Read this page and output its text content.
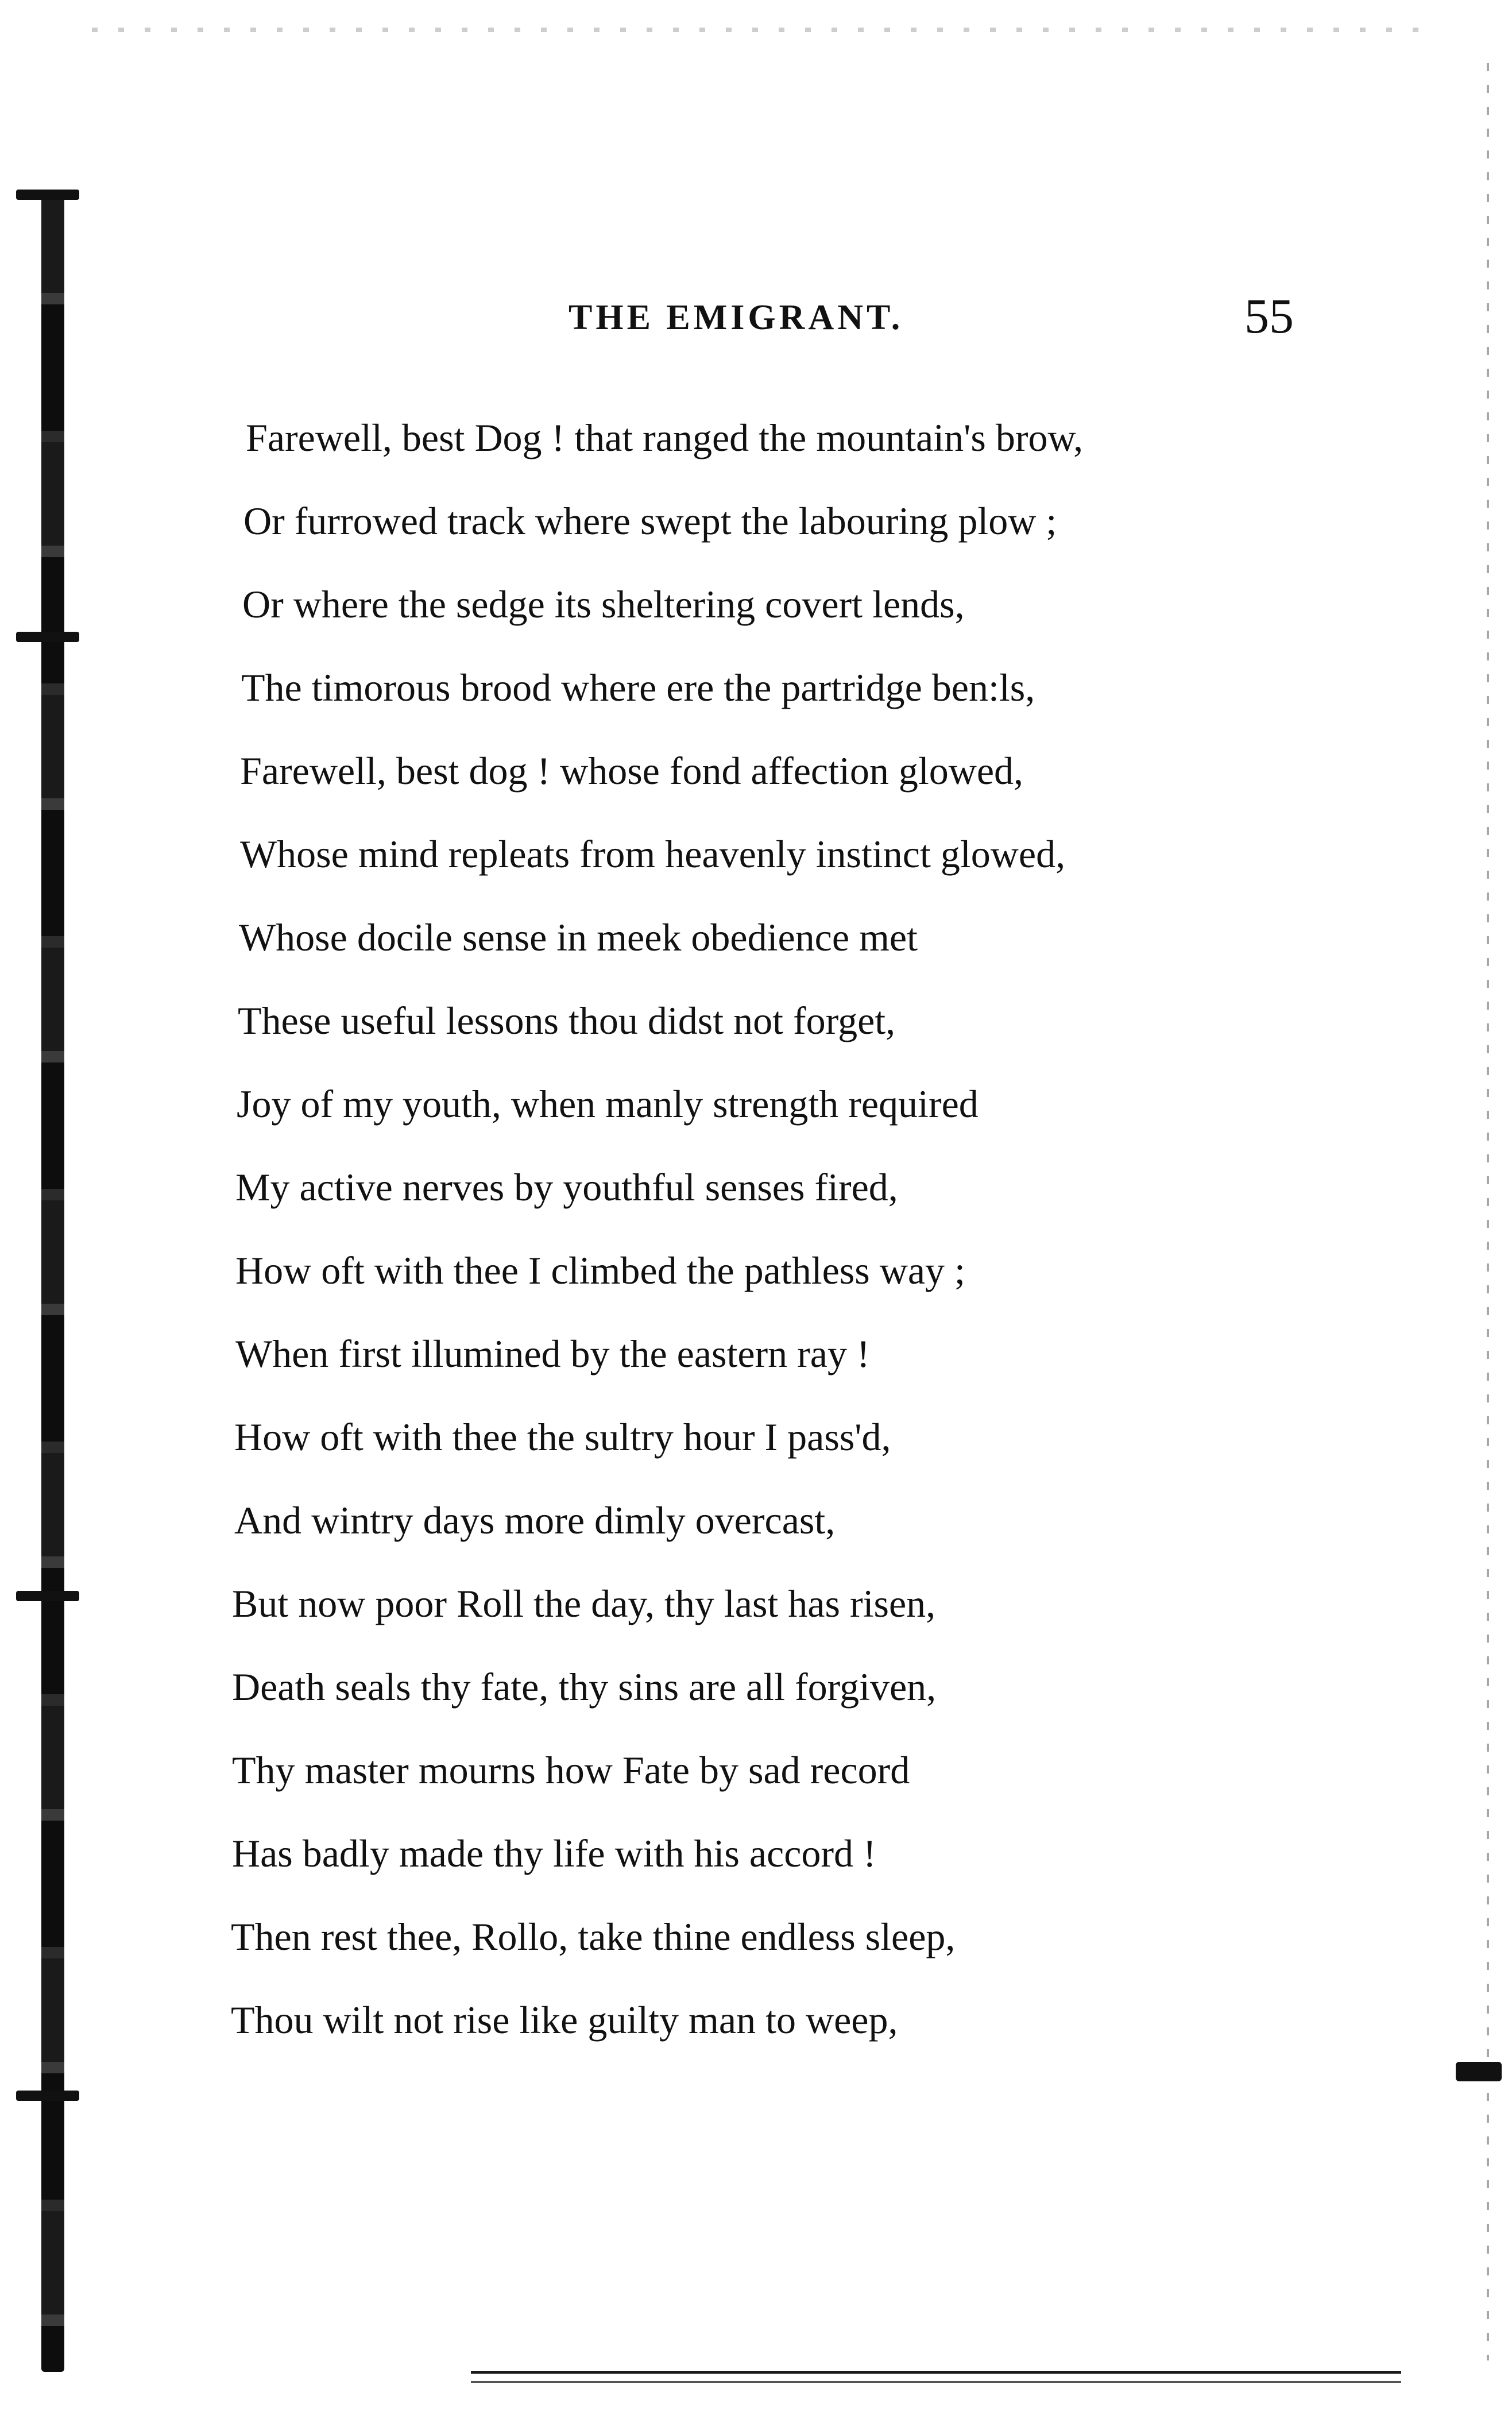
THE EMIGRANT.	55
Farewell, best Dog ! that ranged the mountain's brow,
Or furrowed track where swept the labouring plow ;
Or where the sedge its sheltering covert lends,
The timorous brood where ere the partridge ben:ls,
Farewell, best dog ! whose fond affection glowed,
Whose mind repleats from heavenly instinct glowed,
Whose docile sense in meek obedience met
These useful lessons thou didst not forget,
Joy of my youth, when manly strength required
My active nerves by youthful senses fired,
How oft with thee I climbed the pathless way ;
When first illumined by the eastern ray !
How oft with thee the sultry hour I pass'd,
And wintry days more dimly overcast,
But now poor Roll the day, thy last has risen,
Death seals thy fate, thy sins are all forgiven,
Thy master mourns how Fate by sad record
Has badly made thy life with his accord !
Then rest thee, Rollo, take thine endless sleep,
Thou wilt not rise like guilty man to weep,
